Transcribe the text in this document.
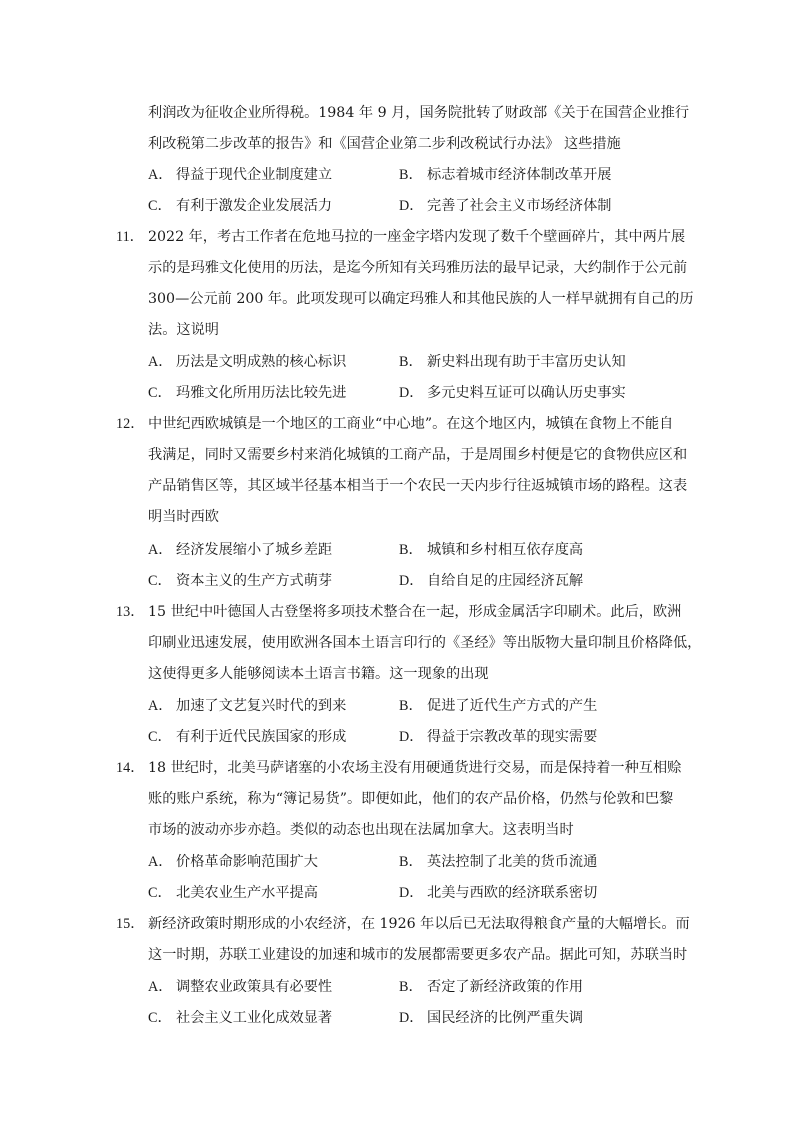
利润改为征收企业所得税。1984 年 9 月，国务院批转了财政部《关于在国营企业推行
利改税第二步改革的报告》和《国营企业第二步利改税试行办法》 这些措施
A． 得益于现代企业制度建立	B． 标志着城市经济体制改革开展
C． 有利于激发企业发展活力	D． 完善了社会主义市场经济体制
11． 2022 年，考古工作者在危地马拉的一座金字塔内发现了数千个壁画碎片，其中两片展
示的是玛雅文化使用的历法，是迄今所知有关玛雅历法的最早记录，大约制作于公元前
300—公元前 200 年。此项发现可以确定玛雅人和其他民族的人一样早就拥有自己的历
法。这说明
A． 历法是文明成熟的核心标识	B． 新史料出现有助于丰富历史认知
C． 玛雅文化所用历法比较先进	D． 多元史料互证可以确认历史事实
12． 中世纪西欧城镇是一个地区的工商业“中心地”。在这个地区内，城镇在食物上不能自
我满足，同时又需要乡村来消化城镇的工商产品，于是周围乡村便是它的食物供应区和
产品销售区等，其区域半径基本相当于一个农民一天内步行往返城镇市场的路程。这表
明当时西欧
A． 经济发展缩小了城乡差距	B． 城镇和乡村相互依存度高
C． 资本主义的生产方式萌芽	D． 自给自足的庄园经济瓦解
13． 15 世纪中叶德国人古登堡将多项技术整合在一起，形成金属活字印刷术。此后，欧洲
印刷业迅速发展，使用欧洲各国本土语言印行的《圣经》等出版物大量印制且价格降低，
这使得更多人能够阅读本土语言书籍。这一现象的出现
A． 加速了文艺复兴时代的到来	B． 促进了近代生产方式的产生
C． 有利于近代民族国家的形成	D． 得益于宗教改革的现实需要
14． 18 世纪时，北美马萨诸塞的小农场主没有用硬通货进行交易，而是保持着一种互相赊
账的账户系统，称为“簿记易货”。即便如此，他们的农产品价格，仍然与伦敦和巴黎
市场的波动亦步亦趋。类似的动态也出现在法属加拿大。这表明当时
A． 价格革命影响范围扩大	B． 英法控制了北美的货币流通
C． 北美农业生产水平提高	D． 北美与西欧的经济联系密切
15． 新经济政策时期形成的小农经济，在 1926 年以后已无法取得粮食产量的大幅增长。而
这一时期，苏联工业建设的加速和城市的发展都需要更多农产品。据此可知，苏联当时
A． 调整农业政策具有必要性	B． 否定了新经济政策的作用
C． 社会主义工业化成效显著	D． 国民经济的比例严重失调
